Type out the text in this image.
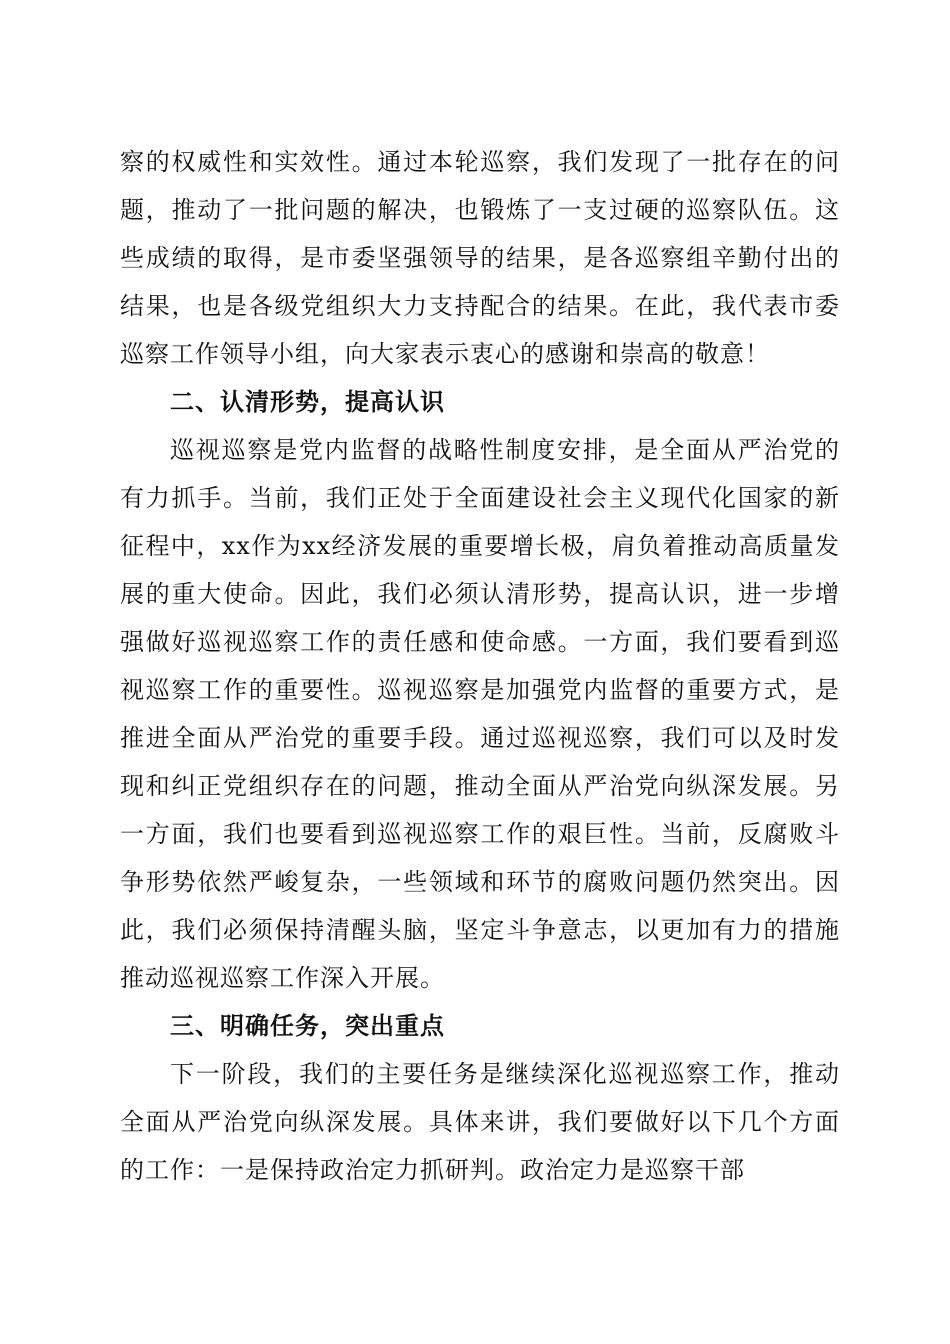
察的权威性和实效性。通过本轮巡察，我们发现了一批存在的问题，推动了一批问题的解决，也锻炼了一支过硬的巡察队伍。这些成绩的取得，是市委坚强领导的结果，是各巡察组辛勤付出的结果，也是各级党组织大力支持配合的结果。在此，我代表市委巡察工作领导小组，向大家表示衷心的感谢和崇高的敬意！

二、认清形势，提高认识

巡视巡察是党内监督的战略性制度安排，是全面从严治党的有力抓手。当前，我们正处于全面建设社会主义现代化国家的新征程中，xx作为xx经济发展的重要增长极，肩负着推动高质量发展的重大使命。因此，我们必须认清形势，提高认识，进一步增强做好巡视巡察工作的责任感和使命感。一方面，我们要看到巡视巡察工作的重要性。巡视巡察是加强党内监督的重要方式，是推进全面从严治党的重要手段。通过巡视巡察，我们可以及时发现和纠正党组织存在的问题，推动全面从严治党向纵深发展。另一方面，我们也要看到巡视巡察工作的艰巨性。当前，反腐败斗争形势依然严峻复杂，一些领域和环节的腐败问题仍然突出。因此，我们必须保持清醒头脑，坚定斗争意志，以更加有力的措施推动巡视巡察工作深入开展。

三、明确任务，突出重点

下一阶段，我们的主要任务是继续深化巡视巡察工作，推动全面从严治党向纵深发展。具体来讲，我们要做好以下几个方面的工作：一是保持政治定力抓研判。政治定力是巡察干部
